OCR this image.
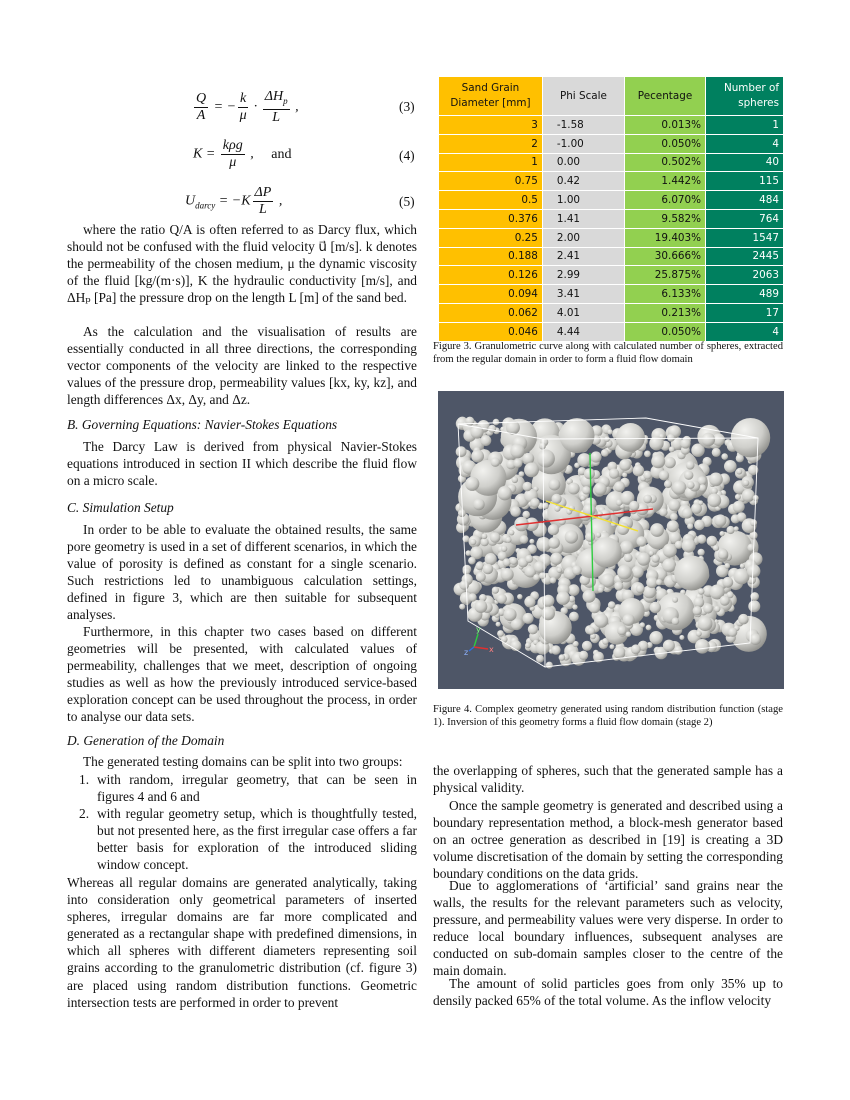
$\frac{Q}{A}$ = − $\frac{k}{\mu} \cdot \frac{\Delta H_p}{L}$ ,	(3)
$K = \frac{\text{kρg}}{\mu}$ , and	(4)
$U_{darcy} = -K \frac{\Delta P}{L}$ ,	(5)

where the ratio Q/A is often referred to as Darcy flux, which should not be confused with the fluid velocity u⃗ [m/s]. k denotes the permeability of the chosen medium, μ the dynamic viscosity of the fluid [kg/(m·s)], K the hydraulic conductivity [m/s], and ΔHₚ [Pa] the pressure drop on the length L [m] of the sand bed.

As the calculation and the visualisation of results are essentially conducted in all three directions, the corresponding vector components of the velocity are linked to the respective values of the pressure drop, permeability values [kx, ky, kz], and length differences Δx, Δy, and Δz.

B. Governing Equations: Navier-Stokes Equations

The Darcy Law is derived from physical Navier-Stokes equations introduced in section II which describe the fluid flow on a micro scale.

C. Simulation Setup

In order to be able to evaluate the obtained results, the same pore geometry is used in a set of different scenarios, in which the value of porosity is defined as constant for a single scenario. Such restrictions led to unambiguous calculation settings, defined in figure 3, which are then suitable for subsequent analyses.

Furthermore, in this chapter two cases based on different geometries will be presented, with calculated values of permeability, challenges that we meet, description of ongoing studies as well as how the previously introduced service-based exploration concept can be used throughout the process, in order to analyse our data sets.

D. Generation of the Domain

The generated testing domains can be split into two groups:

1. with random, irregular geometry, that can be seen in figures 4 and 6 and
2. with regular geometry setup, which is thoughtfully tested, but not presented here, as the first irregular case offers a far better basis for exploration of the introduced sliding window concept.

Whereas all regular domains are generated analytically, taking into consideration only geometrical parameters of inserted spheres, irregular domains are far more complicated and generated as a rectangular shape with predefined dimensions, in which all spheres with different diameters representing soil grains according to the granulometric distribution (cf. figure 3) are placed using random distribution functions. Geometric intersection tests are performed in order to prevent

Sand Grain Diameter [mm]	Phi Scale	Pecentage	Number of spheres
3	-1.58	0.013%	1
2	-1.00	0.050%	4
1	0.00	0.502%	40
0.75	0.42	1.442%	115
0.5	1.00	6.070%	484
0.376	1.41	9.582%	764
0.25	2.00	19.403%	1547
0.188	2.41	30.666%	2445
0.126	2.99	25.875%	2063
0.094	3.41	6.133%	489
0.062	4.01	0.213%	17
0.046	4.44	0.050%	4

Figure 3. Granulometric curve along with calculated number of spheres, extracted from the regular domain in order to form a fluid flow domain

y
x
z

Figure 4. Complex geometry generated using random distribution function (stage 1). Inversion of this geometry forms a fluid flow domain (stage 2)

the overlapping of spheres, such that the generated sample has a physical validity.

Once the sample geometry is generated and described using a boundary representation method, a block-mesh generator based on an octree generation as described in [19] is creating a 3D volume discretisation of the domain by setting the corresponding boundary conditions on the data grids.

Due to agglomerations of ‘artificial’ sand grains near the walls, the results for the relevant parameters such as velocity, pressure, and permeability values were very disperse. In order to reduce local boundary influences, subsequent analyses are conducted on sub-domain samples closer to the centre of the main domain.

The amount of solid particles goes from only 35% up to densily packed 65% of the total volume. As the inflow velocity
